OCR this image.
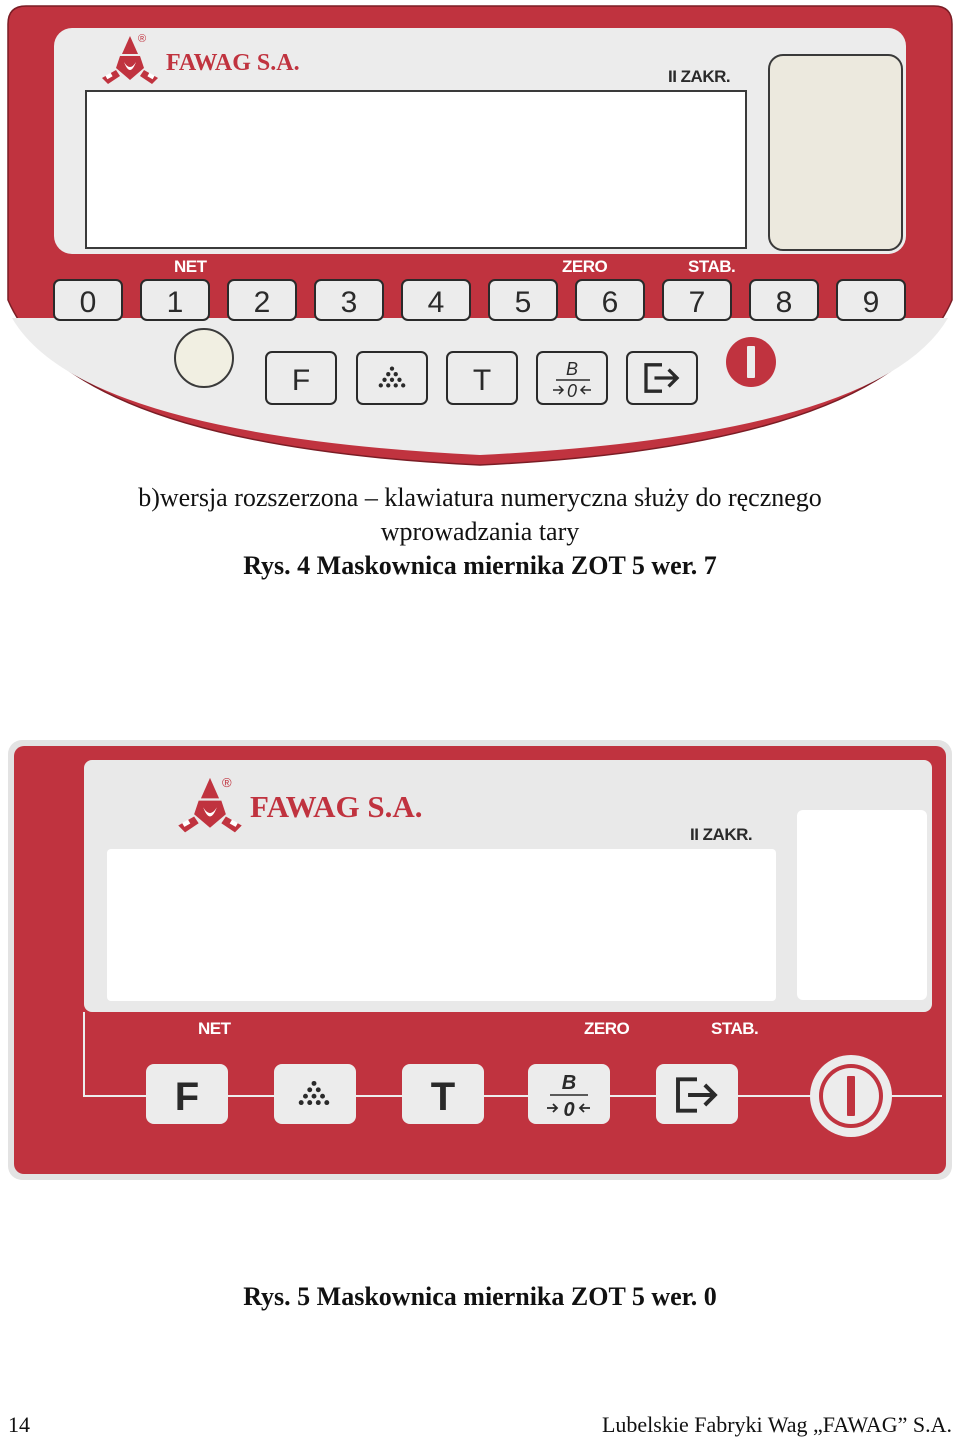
FAWAG S.A.
®
II ZAKR.
NET	ZERO	STAB.
0 1 2 3 4 5 6 7 8 9
F	T	B
0
b)wersja rozszerzona – klawiatura numeryczna służy do ręcznego
wprowadzania tary
Rys. 4 Maskownica miernika ZOT 5 wer. 7
FAWAG S.A.
®
II ZAKR.
NET	ZERO	STAB.
F	T	B
0
Rys. 5 Maskownica miernika ZOT 5 wer. 0
14	Lubelskie Fabryki Wag „FAWAG” S.A.
